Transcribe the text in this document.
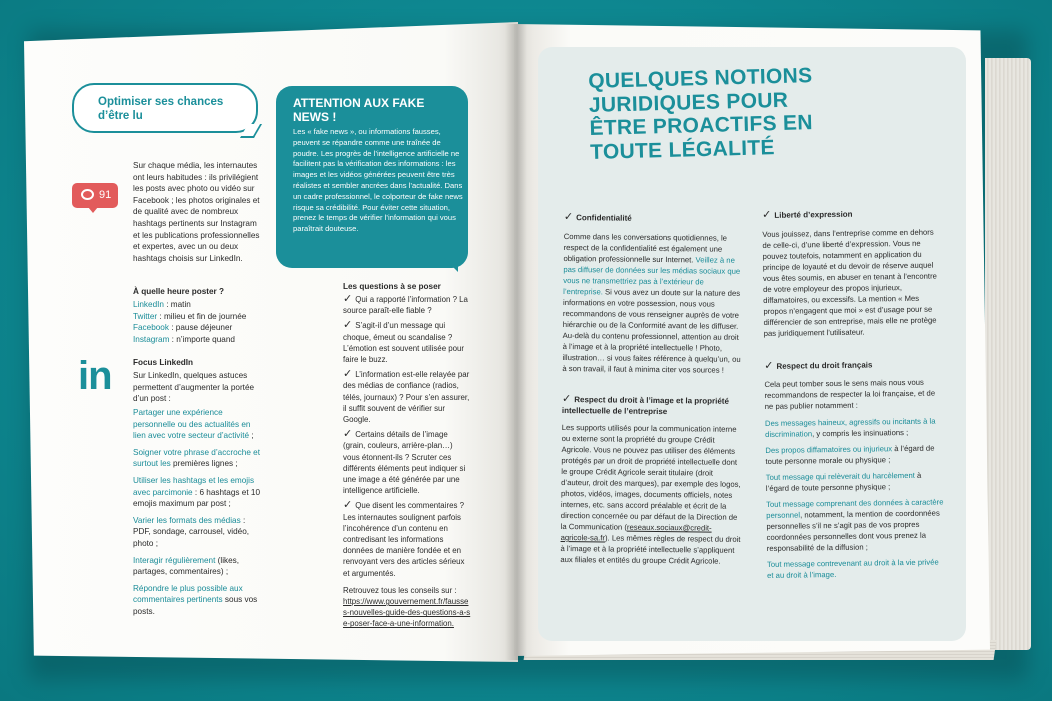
Optimiser ses chances d’être lu
91
Sur chaque média, les internautes ont leurs habitudes : ils privilégient les posts avec photo ou vidéo sur Facebook ; les photos originales et de qualité avec de nombreux hashtags pertinents sur Instagram et les publications professionnelles et expertes, avec un ou deux hashtags choisis sur LinkedIn.
À quelle heure poster ?
LinkedIn : matin
Twitter : milieu et fin de journée
Facebook : pause déjeuner
Instagram : n’importe quand
in	Focus LinkedIn
Sur LinkedIn, quelques astuces permettent d’augmenter la portée d’un post :
Partager une expérience personnelle ou des actualités en lien avec votre secteur d’activité ;
Soigner votre phrase d’accroche et surtout les premières lignes ;
Utiliser les hashtags et les emojis avec parcimonie : 6 hashtags et 10 emojis maximum par post ;
Varier les formats des médias : PDF, sondage, carrousel, vidéo, photo ;
Interagir régulièrement (likes, partages, commentaires) ;
Répondre le plus possible aux commentaires pertinents sous vos posts.
ATTENTION AUX FAKE NEWS !
Les « fake news », ou informations fausses, peuvent se répandre comme une traînée de poudre. Les progrès de l’intelligence artificielle ne facilitent pas la vérification des informations : les images et les vidéos générées peuvent être très réalistes et sembler ancrées dans l’actualité. Dans un cadre professionnel, le colporteur de fake news risque sa crédibilité. Pour éviter cette situation, prenez le temps de vérifier l’information qui vous paraîtrait douteuse.
Les questions à se poser
✓ Qui a rapporté l’information ? La source paraît-elle fiable ?
✓ S’agit-il d’un message qui choque, émeut ou scandalise ? L’émotion est souvent utilisée pour faire le buzz.
✓ L’information est-elle relayée par des médias de confiance (radios, télés, journaux) ? Pour s’en assurer, il suffit souvent de vérifier sur Google.
✓ Certains détails de l’image (grain, couleurs, arrière-plan…) vous étonnent-ils ? Scruter ces différents éléments peut indiquer si une image a été générée par une intelligence artificielle.
✓ Que disent les commentaires ? Les internautes soulignent parfois l’incohérence d’un contenu en contredisant les informations données de manière fondée et en renvoyant vers des articles sérieux et argumentés.
Retrouvez tous les conseils sur :
https://www.gouvernement.fr/fausses-nouvelles-guide-des-questions-a-se-poser-face-a-une-information.
QUELQUES NOTIONS JURIDIQUES POUR ÊTRE PROACTIFS EN TOUTE LÉGALITÉ
✓ Confidentialité
Comme dans les conversations quotidiennes, le respect de la confidentialité est également une obligation professionnelle sur Internet. Veillez à ne pas diffuser de données sur les médias sociaux que vous ne transmettriez pas à l’extérieur de l’entreprise. Si vous avez un doute sur la nature des informations en votre possession, nous vous recommandons de vous renseigner auprès de votre hiérarchie ou de la Conformité avant de les diffuser. Au-delà du contenu professionnel, attention au droit à l’image et à la propriété intellectuelle ! Photo, illustration… si vous faites référence à quelqu’un, ou à son travail, il faut à minima citer vos sources !
✓ Respect du droit à l’image et la propriété intellectuelle de l’entreprise
Les supports utilisés pour la communication interne ou externe sont la propriété du groupe Crédit Agricole. Vous ne pouvez pas utiliser des éléments protégés par un droit de propriété intellectuelle dont le groupe Crédit Agricole serait titulaire (droit d’auteur, droit des marques), par exemple des logos, photos, vidéos, images, documents officiels, notes internes, etc. sans accord préalable et écrit de la direction concernée ou par défaut de la Direction de la Communication (reseaux.sociaux@credit-agricole-sa.fr). Les mêmes règles de respect du droit à l’image et à la propriété intellectuelle s’appliquent aux filiales et entités du groupe Crédit Agricole.
✓ Liberté d’expression
Vous jouissez, dans l’entreprise comme en dehors de celle-ci, d’une liberté d’expression. Vous ne pouvez toutefois, notamment en application du principe de loyauté et du devoir de réserve auquel vous êtes soumis, en abuser en tenant à l’encontre de votre employeur des propos injurieux, diffamatoires, ou excessifs. La mention « Mes propos n’engagent que moi » est d’usage pour se différencier de son entreprise, mais elle ne protège pas juridiquement l’utilisateur.
✓ Respect du droit français
Cela peut tomber sous le sens mais nous vous recommandons de respecter la loi française, et de ne pas publier notamment :
Des messages haineux, agressifs ou incitants à la discrimination, y compris les insinuations ;
Des propos diffamatoires ou injurieux à l’égard de toute personne morale ou physique ;
Tout message qui relèverait du harcèlement à l’égard de toute personne physique ;
Tout message comprenant des données à caractère personnel, notamment, la mention de coordonnées personnelles s’il ne s’agit pas de vos propres coordonnées personnelles dont vous prenez la responsabilité de la diffusion ;
Tout message contrevenant au droit à la vie privée et au droit à l’image.
